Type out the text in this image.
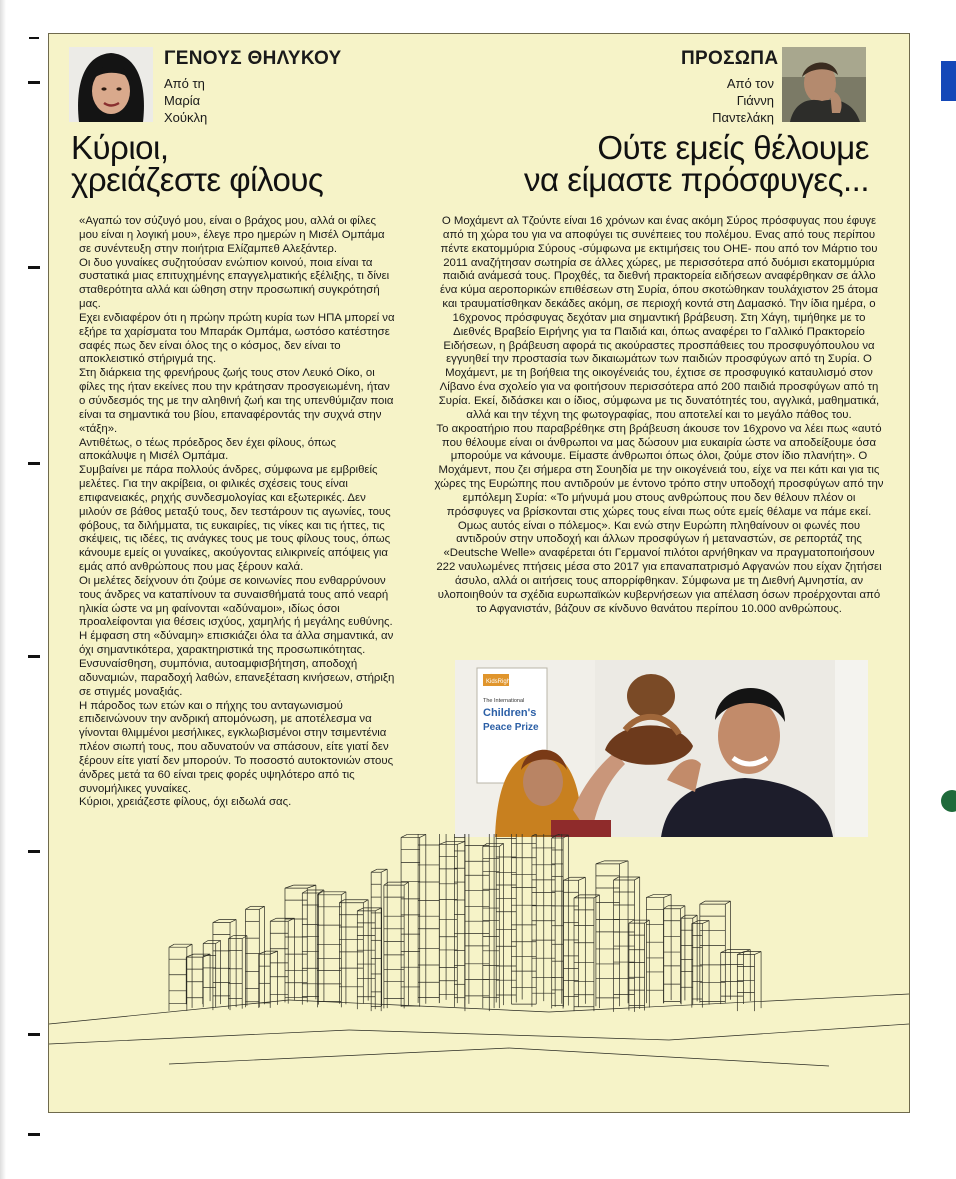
ΓΕΝΟΥΣ ΘΗΛΥΚΟΥ
Από τη
Μαρία
Χούκλη
Κύριοι,
χρειάζεστε φίλους
ΠΡΟΣΩΠΑ
Από τον
Γιάννη
Παντελάκη
Ούτε εμείς θέλουμε
να είμαστε πρόσφυγες...

«Αγαπώ τον σύζυγό μου, είναι ο βράχος μου, αλλά οι φίλες μου είναι η λογική μου», έλεγε προ ημερών η Μισέλ Ομπάμα σε συνέντευξη στην ποιήτρια Ελίζαμπεθ Αλεξάντερ.

Οι δυο γυναίκες συζητούσαν ενώπιον κοινού, ποια είναι τα συστατικά μιας επιτυχημένης επαγγελματικής εξέλιξης, τι δίνει σταθερότητα αλλά και ώθηση στην προσωπική συγκρότησή μας.

Εχει ενδιαφέρον ότι η πρώην πρώτη κυρία των ΗΠΑ μπορεί να εξήρε τα χαρίσματα του Μπαράκ Ομπάμα, ωστόσο κατέστησε σαφές πως δεν είναι όλος της ο κόσμος, δεν είναι το αποκλειστικό στήριγμά της.

Στη διάρκεια της φρενήρους ζωής τους στον Λευκό Οίκο, οι φίλες της ήταν εκείνες που την κράτησαν προσγειωμένη, ήταν ο σύνδεσμός της με την αληθινή ζωή και της υπενθύμιζαν ποια είναι τα σημαντικά του βίου, επαναφέροντάς την συχνά στην «τάξη».

Αντιθέτως, ο τέως πρόεδρος δεν έχει φίλους, όπως αποκάλυψε η Μισέλ Ομπάμα.

Συμβαίνει με πάρα πολλούς άνδρες, σύμφωνα με εμβριθείς μελέτες. Για την ακρίβεια, οι φιλικές σχέσεις τους είναι επιφανειακές, ρηχής συνδεσμολογίας και εξωτερικές. Δεν μιλούν σε βάθος μεταξύ τους, δεν τεστάρουν τις αγωνίες, τους φόβους, τα διλήμματα, τις ευκαιρίες, τις νίκες και τις ήττες, τις σκέψεις, τις ιδέες, τις ανάγκες τους με τους φίλους τους, όπως κάνουμε εμείς οι γυναίκες, ακούγοντας ειλικρινείς απόψεις για εμάς από ανθρώπους που μας ξέρουν καλά.

Οι μελέτες δείχνουν ότι ζούμε σε κοινωνίες που ενθαρρύνουν τους άνδρες να καταπίνουν τα συναισθήματά τους από νεαρή ηλικία ώστε να μη φαίνονται «αδύναμοι», ιδίως όσοι προαλείφονται για θέσεις ισχύος, χαμηλής ή μεγάλης ευθύνης.

Η έμφαση στη «δύναμη» επισκιάζει όλα τα άλλα σημαντικά, αν όχι σημαντικότερα, χαρακτηριστικά της προσωπικότητας. Ενσυναίσθηση, συμπόνια, αυτοαμφισβήτηση, αποδοχή αδυναμιών, παραδοχή λαθών, επανεξέταση κινήσεων, στήριξη σε στιγμές μοναξιάς.

Η πάροδος των ετών και ο πήχης του ανταγωνισμού επιδεινώνουν την ανδρική απομόνωση, με αποτέλεσμα να γίνονται θλιμμένοι μεσήλικες, εγκλωβισμένοι στην τσιμεντένια πλέον σιωπή τους, που αδυνατούν να σπάσουν, είτε γιατί δεν ξέρουν είτε γιατί δεν μπορούν. Το ποσοστό αυτοκτονιών στους άνδρες μετά τα 60 είναι τρεις φορές υψηλότερο από τις συνομήλικες γυναίκες.

Κύριοι, χρειάζεστε φίλους, όχι ειδωλά σας.

Ο Μοχάμεντ αλ Τζούντε είναι 16 χρόνων και ένας ακόμη Σύρος πρόσφυγας που έφυγε από τη χώρα του για να αποφύγει τις συνέπειες του πολέμου. Ενας από τους περίπου πέντε εκατομμύρια Σύρους -σύμφωνα με εκτιμήσεις του ΟΗΕ- που από τον Μάρτιο του 2011 αναζήτησαν σωτηρία σε άλλες χώρες, με περισσότερα από δυόμισι εκατομμύρια παιδιά ανάμεσά τους. Προχθές, τα διεθνή πρακτορεία ειδήσεων αναφέρθηκαν σε άλλο ένα κύμα αεροπορικών επιθέσεων στη Συρία, όπου σκοτώθηκαν τουλάχιστον 25 άτομα και τραυματίσθηκαν δεκάδες ακόμη, σε περιοχή κοντά στη Δαμασκό. Την ίδια ημέρα, ο 16χρονος πρόσφυγας δεχόταν μια σημαντική βράβευση. Στη Χάγη, τιμήθηκε με το Διεθνές Βραβείο Ειρήνης για τα Παιδιά και, όπως αναφέρει το Γαλλικό Πρακτορείο Ειδήσεων, η βράβευση αφορά τις ακούραστες προσπάθειες του προσφυγόπουλου να εγγυηθεί την προστασία των δικαιωμάτων των παιδιών προσφύγων από τη Συρία. Ο Μοχάμεντ, με τη βοήθεια της οικογένειάς του, έχτισε σε προσφυγικό καταυλισμό στον Λίβανο ένα σχολείο για να φοιτήσουν περισσότερα από 200 παιδιά προσφύγων από τη Συρία. Εκεί, διδάσκει και ο ίδιος, σύμφωνα με τις δυνατότητές του, αγγλικά, μαθηματικά, αλλά και την τέχνη της φωτογραφίας, που αποτελεί και το μεγάλο πάθος του.

Το ακροατήριο που παραβρέθηκε στη βράβευση άκουσε τον 16χρονο να λέει πως «αυτό που θέλουμε είναι οι άνθρωποι να μας δώσουν μια ευκαιρία ώστε να αποδείξουμε όσα μπορούμε να κάνουμε. Είμαστε άνθρωποι όπως όλοι, ζούμε στον ίδιο πλανήτη». Ο Μοχάμεντ, που ζει σήμερα στη Σουηδία με την οικογένειά του, είχε να πει κάτι και για τις χώρες της Ευρώπης που αντιδρούν με έντονο τρόπο στην υποδοχή προσφύγων από την εμπόλεμη Συρία: «Το μήνυμά μου στους ανθρώπους που δεν θέλουν πλέον οι πρόσφυγες να βρίσκονται στις χώρες τους είναι πως ούτε εμείς θέλαμε να πάμε εκεί. Ομως αυτός είναι ο πόλεμος». Και ενώ στην Ευρώπη πληθαίνουν οι φωνές που αντιδρούν στην υποδοχή και άλλων προσφύγων ή μεταναστών, σε ρεπορτάζ της «Deutsche Welle» αναφέρεται ότι Γερμανοί πιλότοι αρνήθηκαν να πραγματοποιήσουν 222 ναυλωμένες πτήσεις μέσα στο 2017 για επαναπατρισμό Αφγανών που είχαν ζητήσει άσυλο, αλλά οι αιτήσεις τους απορρίφθηκαν. Σύμφωνα με τη Διεθνή Αμνηστία, αν υλοποιηθούν τα σχέδια ευρωπαϊκών κυβερνήσεων για απέλαση όσων προέρχονται από το Αφγανιστάν, βάζουν σε κίνδυνο θανάτου περίπου 10.000 ανθρώπους.

KidsRights
The International
Children's
Peace Prize
